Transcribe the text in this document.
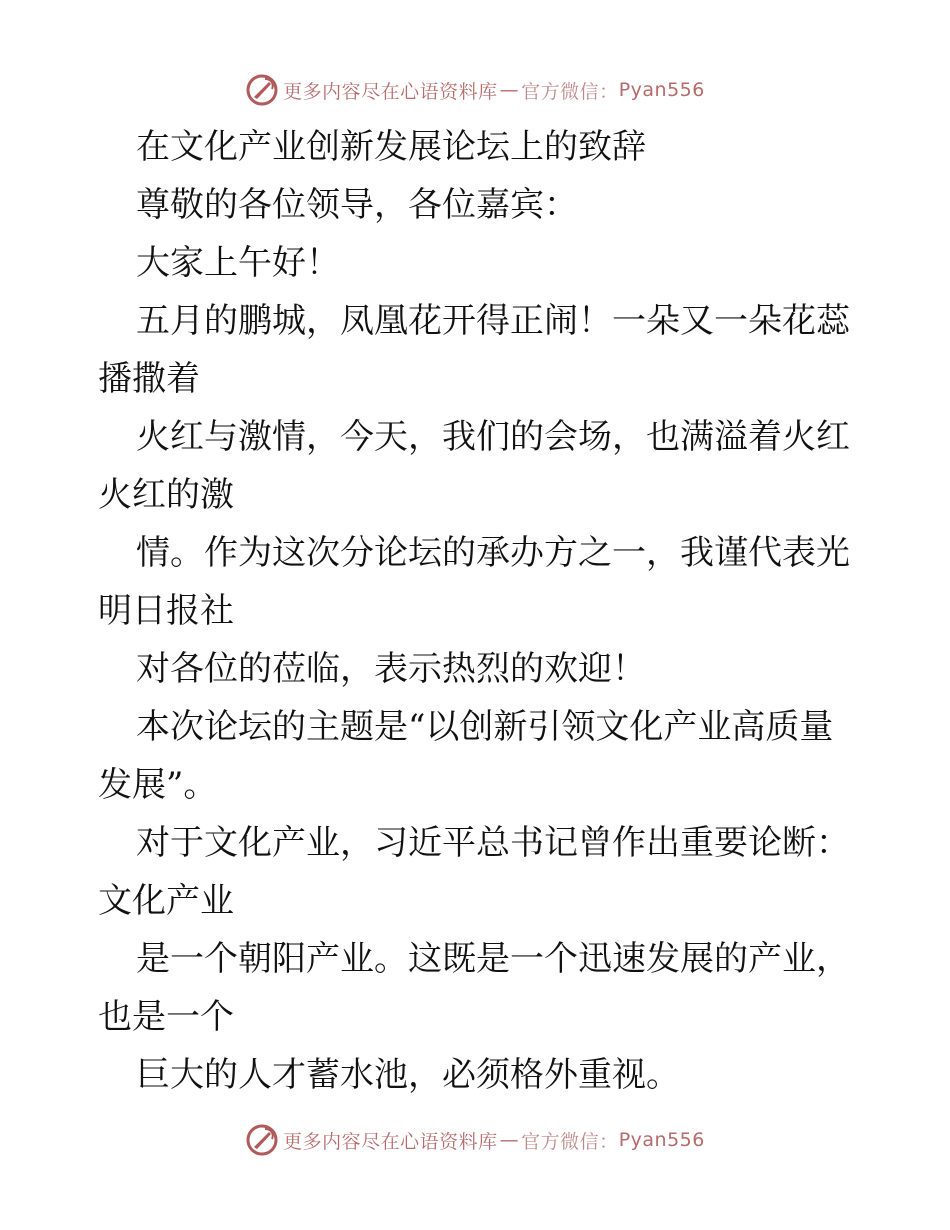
更多内容尽在心语资料库 — 官方微信： Pyan556
在文化产业创新发展论坛上的致辞
尊敬的各位领导，各位嘉宾：
大家上午好！
五月的鹏城，凤凰花开得正闹！一朵又一朵花蕊
播撒着
火红与激情，今天，我们的会场，也满溢着火红
火红的激
情。作为这次分论坛的承办方之一，我谨代表光
明日报社
对各位的莅临，表示热烈的欢迎！
本次论坛的主题是“以创新引领文化产业高质量
发展”。
对于文化产业，习近平总书记曾作出重要论断：
文化产业
是一个朝阳产业。这既是一个迅速发展的产业，
也是一个
巨大的人才蓄水池，必须格外重视。
更多内容尽在心语资料库 — 官方微信： Pyan556
